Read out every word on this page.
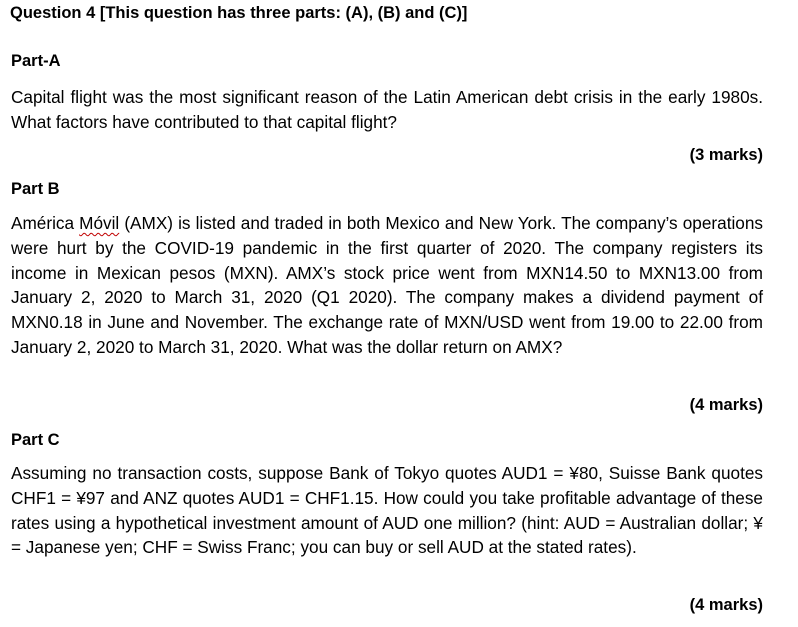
Question 4 [This question has three parts: (A), (B) and (C)]
Part-A
Capital flight was the most significant reason of the Latin American debt crisis in the early 1980s. What factors have contributed to that capital flight?
(3 marks)
Part B
América Móvil (AMX) is listed and traded in both Mexico and New York. The company’s operations were hurt by the COVID-19 pandemic in the first quarter of 2020. The company registers its income in Mexican pesos (MXN). AMX’s stock price went from MXN14.50 to MXN13.00 from January 2, 2020 to March 31, 2020 (Q1 2020). The company makes a dividend payment of MXN0.18 in June and November. The exchange rate of MXN/USD went from 19.00 to 22.00 from January 2, 2020 to March 31, 2020. What was the dollar return on AMX?
(4 marks)
Part C
Assuming no transaction costs, suppose Bank of Tokyo quotes AUD1 = ¥80, Suisse Bank quotes CHF1 = ¥97 and ANZ quotes AUD1 = CHF1.15. How could you take profitable advantage of these rates using a hypothetical investment amount of AUD one million? (hint: AUD = Australian dollar; ¥ = Japanese yen; CHF = Swiss Franc; you can buy or sell AUD at the stated rates).
(4 marks)
